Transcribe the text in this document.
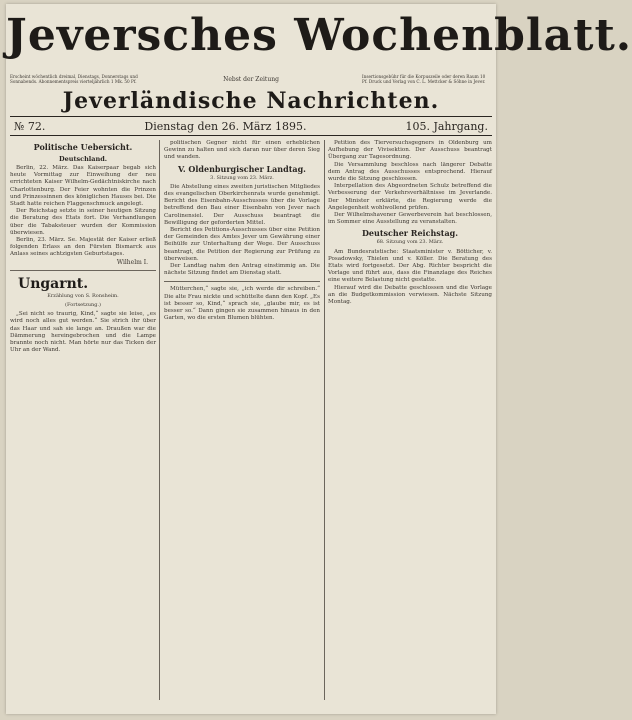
Jeversches Wochenblatt.
Erscheint wöchentlich dreimal, Dienstags, Donnerstags und Sonnabends. Abonnementspreis vierteljährlich 1 Mk. 50 Pf.	Nebst der Zeitung	Insertionsgebühr für die Korpuszeile oder deren Raum 10 Pf. Druck und Verlag von C. L. Mettcker & Söhne in Jever.
Jeverländische Nachrichten.
№ 72.	Dienstag den 26. März 1895.	105. Jahrgang.
Politische Uebersicht.
Deutschland.

Berlin, 22. März. Das Kaiserpaar begab sich heute Vormittag zur Einweihung der neu errichteten Kaiser Wilhelm-Gedächtniskirche nach Charlottenburg. Der Feier wohnten die Prinzen und Prinzessinnen des königlichen Hauses bei. Die Stadt hatte reichen Flaggenschmuck angelegt.

Der Reichstag setzte in seiner heutigen Sitzung die Beratung des Etats fort. Die Verhandlungen über die Tabaksteuer wurden der Kommission überwiesen.

Berlin, 23. März. Se. Majestät der Kaiser erließ folgenden Erlass an den Fürsten Bismarck aus Anlass seines achtzigsten Geburtstages.

Wilhelm I.
Ungarnt.
Erzählung von S. Ronsheim.
(Fortsetzung.)

„Sei nicht so traurig, Kind,“ sagte sie leise, „es wird noch alles gut werden.“ Sie strich ihr über das Haar und sah sie lange an. Draußen war die Dämmerung hereingebrochen und die Lampe brannte noch nicht. Man hörte nur das Ticken der Uhr an der Wand.

politischen Gegner nicht für einen erheblichen Gewinn zu halten und sich daran nur über deren Sieg und wanden.

V. Oldenburgischer Landtag.
3. Sitzung vom 23. März.

Die Abstellung eines zweiten juristischen Mitgliedes des evangelischen Oberkirchenrats wurde genehmigt. Bericht des Eisenbahn-Ausschusses über die Vorlage betreffend den Bau einer Eisenbahn von Jever nach Carolinensiel. Der Ausschuss beantragt die Bewilligung der geforderten Mittel.

Bericht des Petitions-Ausschusses über eine Petition der Gemeinden des Amtes Jever um Gewährung einer Beihülfe zur Unterhaltung der Wege. Der Ausschuss beantragt, die Petition der Regierung zur Prüfung zu überweisen.

Der Landtag nahm den Antrag einstimmig an. Die nächste Sitzung findet am Dienstag statt.

Mütterchen,“ sagte sie, „ich werde dir schreiben.“ Die alte Frau nickte und schüttelte dann den Kopf. „Es ist besser so, Kind,“ sprach sie, „glaube mir, es ist besser so.“ Dann gingen sie zusammen hinaus in den Garten, wo die ersten Blumen blühten.

Petition des Tierversuchsgegners in Oldenburg um Aufhebung der Vivisektion. Der Ausschuss beantragt Übergang zur Tagesordnung.

Die Versammlung beschloss nach längerer Debatte dem Antrag des Ausschusses entsprechend. Hierauf wurde die Sitzung geschlossen.

Interpellation des Abgeordneten Schulz betreffend die Verbesserung der Verkehrsverhältnisse im Jeverlande. Der Minister erklärte, die Regierung werde die Angelegenheit wohlwollend prüfen.

Der Wilhelmshavener Gewerbeverein hat beschlossen, im Sommer eine Ausstellung zu veranstalten.

Deutscher Reichstag.
68. Sitzung vom 23. März.

Am Bundesratstische: Staatsminister v. Bötticher, v. Posadowsky, Thielen und v. Köller. Die Beratung des Etats wird fortgesetzt. Der Abg. Richter bespricht die Vorlage und führt aus, dass die Finanzlage des Reiches eine weitere Belastung nicht gestatte.

Hierauf wird die Debatte geschlossen und die Vorlage an die Budgetkommission verwiesen. Nächste Sitzung Montag.
